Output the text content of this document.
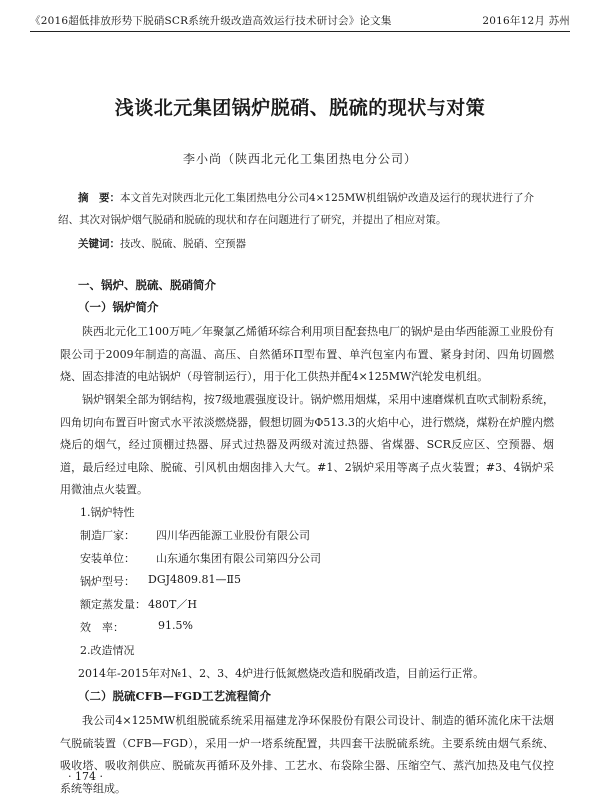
《2016超低排放形势下脱硝SCR系统升级改造高效运行技术研讨会》论文集	2016年12月 苏州
浅谈北元集团锅炉脱硝、脱硫的现状与对策
李小尚（陕西北元化工集团热电分公司）
摘　要：本文首先对陕西北元化工集团热电分公司4×125MW机组锅炉改造及运行的现状进行了介绍、其次对锅炉烟气脱硝和脱硫的现状和存在问题进行了研究，并提出了相应对策。
关键词：技改、脱硫、脱硝、空预器
一、锅炉、脱硫、脱硝简介
（一）锅炉简介
陕西北元化工100万吨／年聚氯乙烯循环综合利用项目配套热电厂的锅炉是由华西能源工业股份有限公司于2009年制造的高温、高压、自然循环Π型布置、单汽包室内布置、紧身封闭、四角切圆燃烧、固态排渣的电站锅炉（母管制运行），用于化工供热并配4×125MW汽轮发电机组。
锅炉钢架全部为钢结构，按7级地震强度设计。锅炉燃用烟煤，采用中速磨煤机直吹式制粉系统，四角切向布置百叶窗式水平浓淡燃烧器，假想切圆为Φ513.3的火焰中心，进行燃烧，煤粉在炉膛内燃烧后的烟气，经过顶棚过热器、屏式过热器及两级对流过热器、省煤器、SCR反应区、空预器、烟道，最后经过电除、脱硫、引风机由烟囱排入大气。#1、2锅炉采用等离子点火装置；#3、4锅炉采用微油点火装置。
1.锅炉特性
制造厂家：	四川华西能源工业股份有限公司
安装单位：	山东通尔集团有限公司第四分公司
锅炉型号：	DGJ4809.81—Ⅱ5
额定蒸发量： 480T／H
效　率：	91.5%
2.改造情况
2014年-2015年对№1、2、3、4炉进行低氮燃烧改造和脱硝改造，目前运行正常。
（二）脱硫CFB—FGD工艺流程简介
我公司4×125MW机组脱硫系统采用福建龙净环保股份有限公司设计、制造的循环流化床干法烟气脱硫装置（CFB—FGD），采用一炉一塔系统配置，共四套干法脱硫系统。主要系统由烟气系统、吸收塔、吸收剂供应、脱硫灰再循环及外排、工艺水、布袋除尘器、压缩空气、蒸汽加热及电气仪控系统等组成。
· 174 ·
